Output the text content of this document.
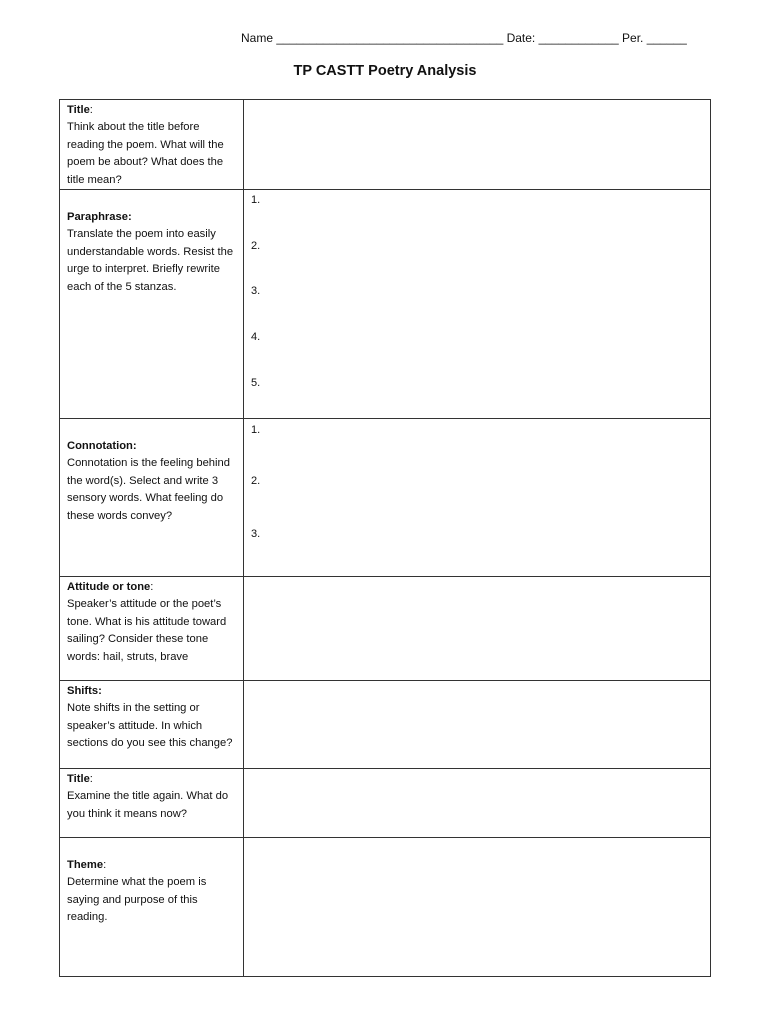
Name __________________________________ Date: ____________ Per. ______
TP CASTT Poetry Analysis
Title:
Think about the title before reading the poem. What will the poem be about? What does the title mean?	

Paraphrase:
Translate the poem into easily understandable words. Resist the urge to interpret. Briefly rewrite each of the 5 stanzas.	1.
2.
3.
4.
5.

Connotation:
Connotation is the feeling behind the word(s). Select and write 3 sensory words. What feeling do these words convey?	1.
2.
3.

Attitude or tone:
Speaker’s attitude or the poet’s tone. What is his attitude toward sailing? Consider these tone words: hail, struts, brave	
Shifts:
Note shifts in the setting or speaker’s attitude. In which sections do you see this change?	
Title:
Examine the title again. What do you think it means now?	

Theme:
Determine what the poem is saying and purpose of this reading.	
